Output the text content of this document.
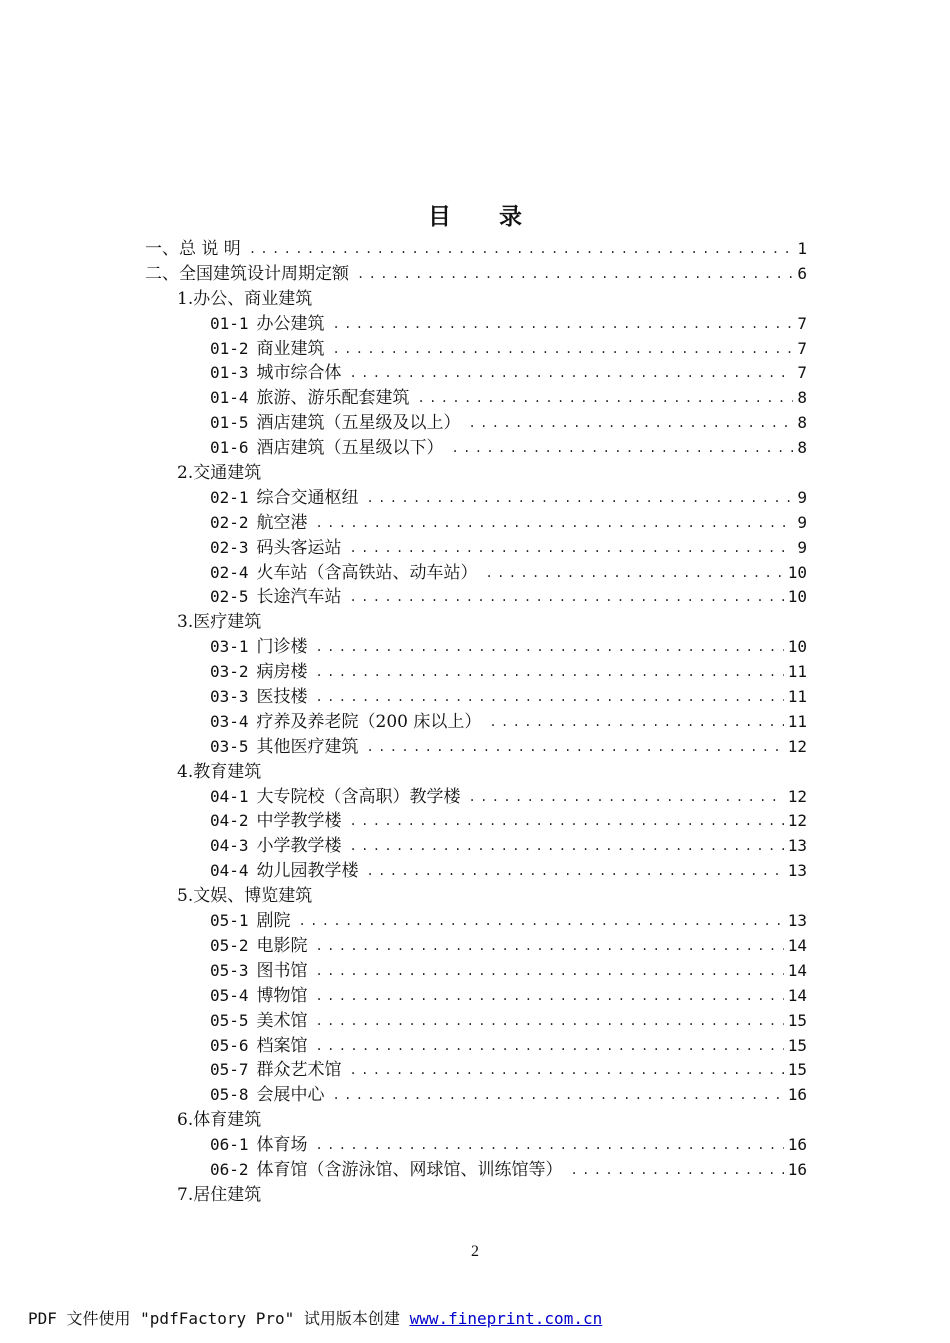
目 录
一、总 说 明 .....	1
二、全国建筑设计周期定额 .....	6
1.办公、商业建筑
01-1 办公建筑 .....	7
01-2 商业建筑 .....	7
01-3 城市综合体 .....	7
01-4 旅游、游乐配套建筑 .....	8
01-5 酒店建筑（五星级及以上） .....	8
01-6 酒店建筑（五星级以下） .....	8
2.交通建筑
02-1 综合交通枢纽 .....	9
02-2 航空港 .....	9
02-3 码头客运站 .....	9
02-4 火车站（含高铁站、动车站） .....	10
02-5 长途汽车站 .....	10
3.医疗建筑
03-1 门诊楼 .....	10
03-2 病房楼 .....	11
03-3 医技楼 .....	11
03-4 疗养及养老院（200 床以上） .....	11
03-5 其他医疗建筑 .....	12
4.教育建筑
04-1 大专院校（含高职）教学楼 .....	12
04-2 中学教学楼 .....	12
04-3 小学教学楼 .....	13
04-4 幼儿园教学楼 .....	13
5.文娱、博览建筑
05-1 剧院 .....	13
05-2 电影院 .....	14
05-3 图书馆 .....	14
05-4 博物馆 .....	14
05-5 美术馆 .....	15
05-6 档案馆 .....	15
05-7 群众艺术馆 .....	15
05-8 会展中心 .....	16
6.体育建筑
06-1 体育场 .....	16
06-2 体育馆（含游泳馆、网球馆、训练馆等） .....	16
7.居住建筑
2
PDF 文件使用 "pdfFactory Pro" 试用版本创建 www.fineprint.com.cn
